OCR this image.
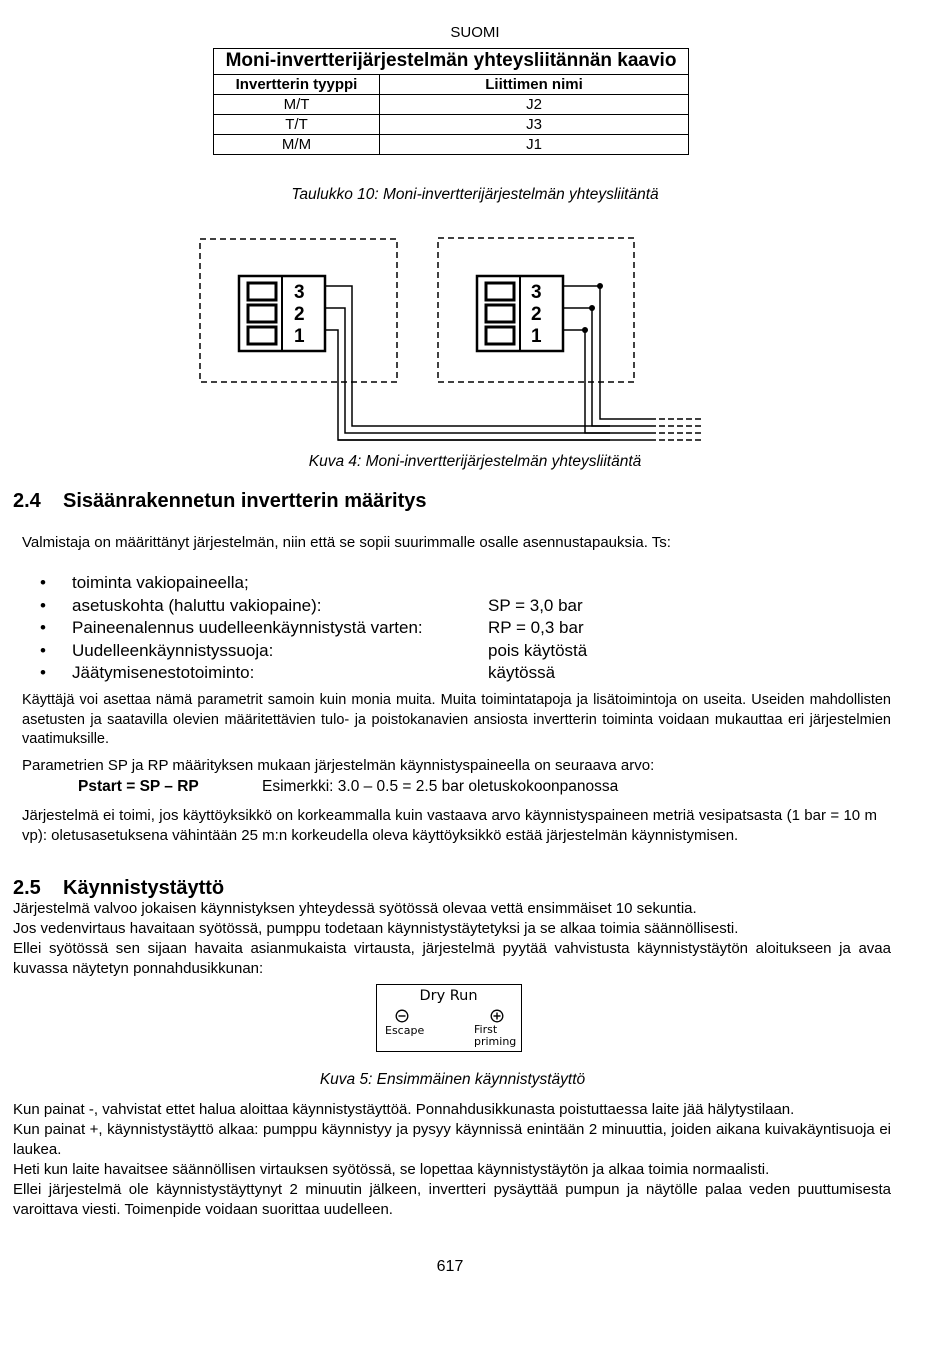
SUOMI
Moni-invertterijärjestelmän yhteysliitännän kaavio	
Invertterin tyyppi	Liittimen nimi
M/T	J2
T/T	J3
M/M	J1
Taulukko 10: Moni-invertterijärjestelmän yhteysliitäntä
3
2
1
3
2
1
Kuva 4: Moni-invertterijärjestelmän yhteysliitäntä
2.4 Sisäänrakennetun invertterin määritys

Valmistaja on määrittänyt järjestelmän, niin että se sopii suurimmalle osalle asennustapauksia. Ts:

• toiminta vakiopaineella;
• asetuskohta (haluttu vakiopaine):	SP = 3,0 bar
• Paineenalennus uudelleenkäynnistystä varten:	RP = 0,3 bar
• Uudelleenkäynnistyssuoja:	pois käytöstä
• Jäätymisenestotoiminto:	käytössä

Käyttäjä voi asettaa nämä parametrit samoin kuin monia muita. Muita toimintatapoja ja lisätoimintoja on useita. Useiden mahdollisten asetusten ja saatavilla olevien määritettävien tulo- ja poistokanavien ansiosta invertterin toiminta voidaan mukauttaa eri järjestelmien vaatimuksille.

Parametrien SP ja RP määrityksen mukaan järjestelmän käynnistyspaineella on seuraava arvo:

Pstart = SP – RP	Esimerkki: 3.0 – 0.5 = 2.5 bar oletuskokoonpanossa

Järjestelmä ei toimi, jos käyttöyksikkö on korkeammalla kuin vastaava arvo käynnistyspaineen metriä vesipatsasta (1 bar = 10 m vp): oletusasetuksena vähintään 25 m:n korkeudella oleva käyttöyksikkö estää järjestelmän käynnistymisen.

2.5 Käynnistystäyttö

Järjestelmä valvoo jokaisen käynnistyksen yhteydessä syötössä olevaa vettä ensimmäiset 10 sekuntia.

Jos vedenvirtaus havaitaan syötössä, pumppu todetaan käynnistystäytetyksi ja se alkaa toimia säännöllisesti.

Ellei syötössä sen sijaan havaita asianmukaista virtausta, järjestelmä pyytää vahvistusta käynnistystäytön aloitukseen ja avaa kuvassa näytetyn ponnahdusikkunan:

Dry Run
Escape	First
priming
Kuva 5: Ensimmäinen käynnistystäyttö

Kun painat -, vahvistat ettet halua aloittaa käynnistystäyttöä. Ponnahdusikkunasta poistuttaessa laite jää hälytystilaan.

Kun painat +, käynnistystäyttö alkaa: pumppu käynnistyy ja pysyy käynnissä enintään 2 minuuttia, joiden aikana kuivakäyntisuoja ei laukea.

Heti kun laite havaitsee säännöllisen virtauksen syötössä, se lopettaa käynnistystäytön ja alkaa toimia normaalisti.

Ellei järjestelmä ole käynnistystäyttynyt 2 minuutin jälkeen, invertteri pysäyttää pumpun ja näytölle palaa veden puuttumisesta varoittava viesti. Toimenpide voidaan suorittaa uudelleen.

617
